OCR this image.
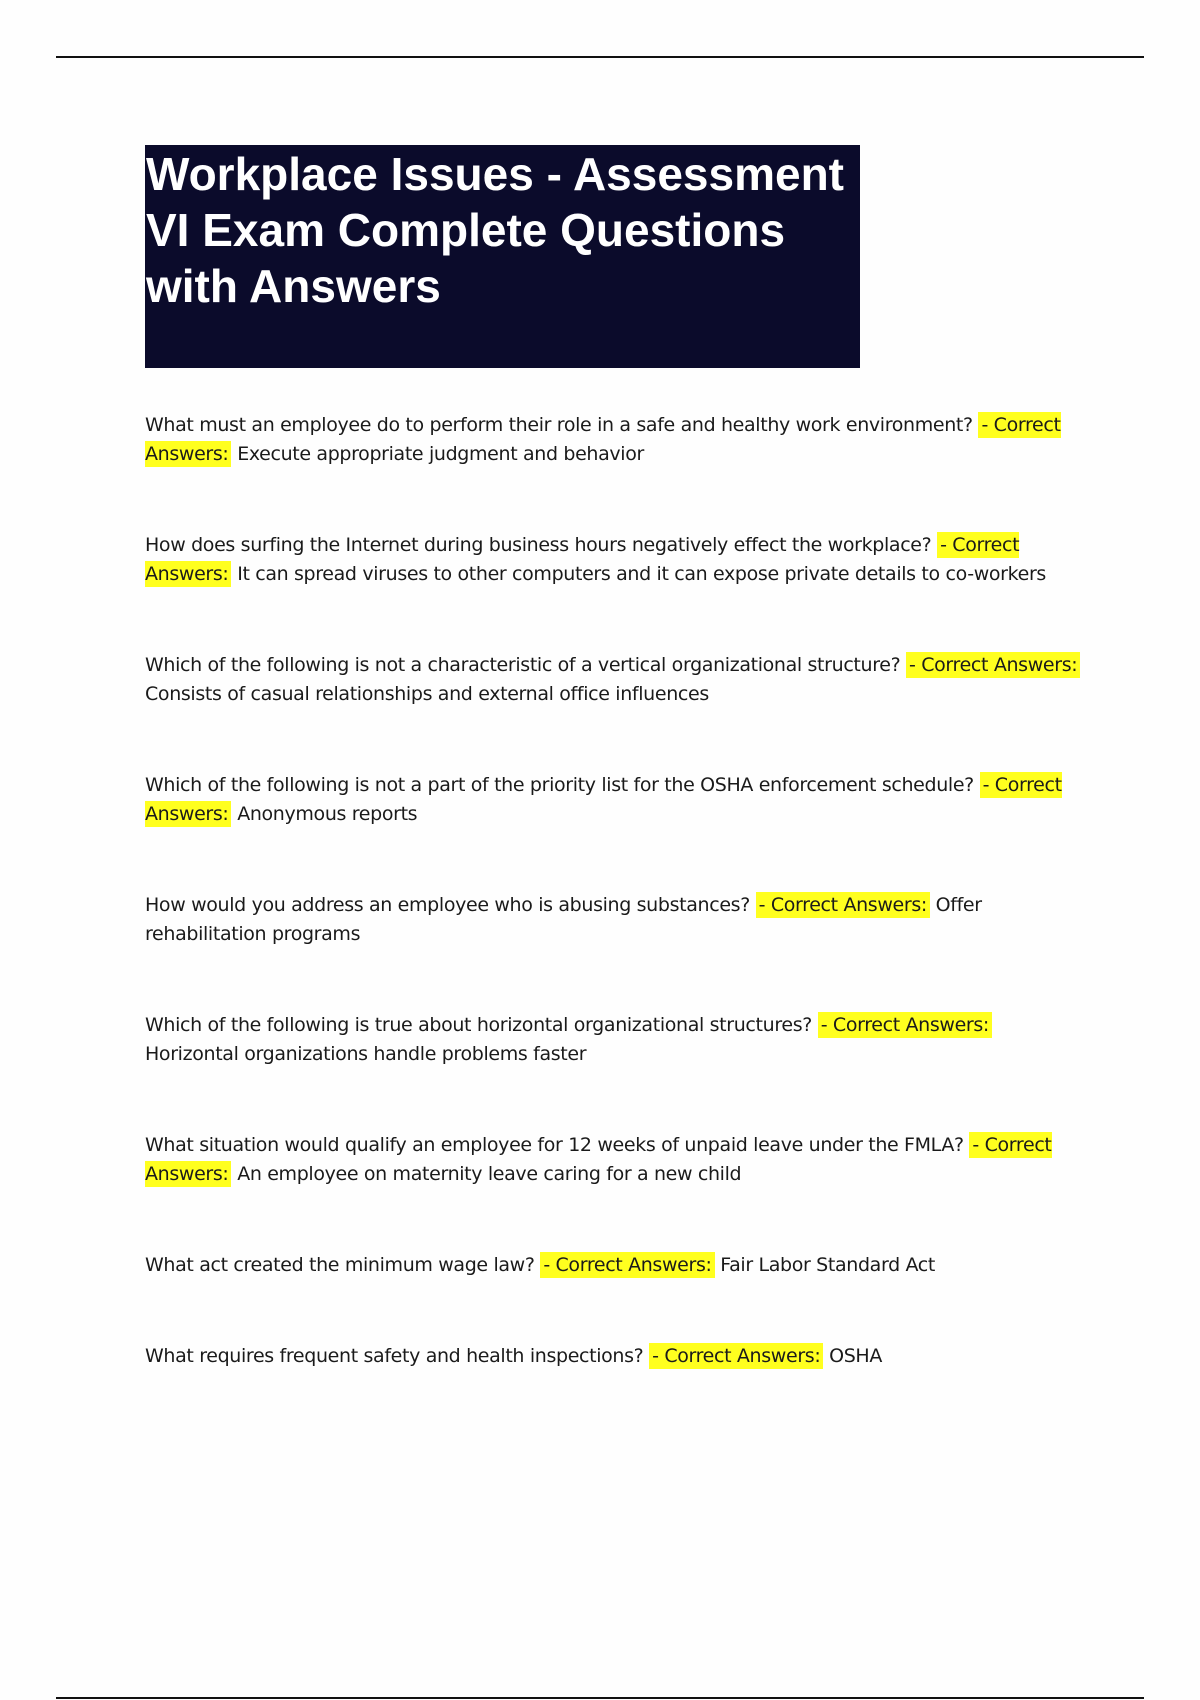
Workplace Issues - Assessment VI Exam Complete Questions with Answers

What must an employee do to perform their role in a safe and healthy work environment? - Correct Answers: Execute appropriate judgment and behavior

How does surfing the Internet during business hours negatively effect the workplace? - Correct Answers: It can spread viruses to other computers and it can expose private details to co-workers

Which of the following is not a characteristic of a vertical organizational structure? - Correct Answers: Consists of casual relationships and external office influences

Which of the following is not a part of the priority list for the OSHA enforcement schedule? - Correct Answers: Anonymous reports

How would you address an employee who is abusing substances? - Correct Answers: Offer rehabilitation programs

Which of the following is true about horizontal organizational structures? - Correct Answers: Horizontal organizations handle problems faster

What situation would qualify an employee for 12 weeks of unpaid leave under the FMLA? - Correct Answers: An employee on maternity leave caring for a new child

What act created the minimum wage law? - Correct Answers: Fair Labor Standard Act

What requires frequent safety and health inspections? - Correct Answers: OSHA
